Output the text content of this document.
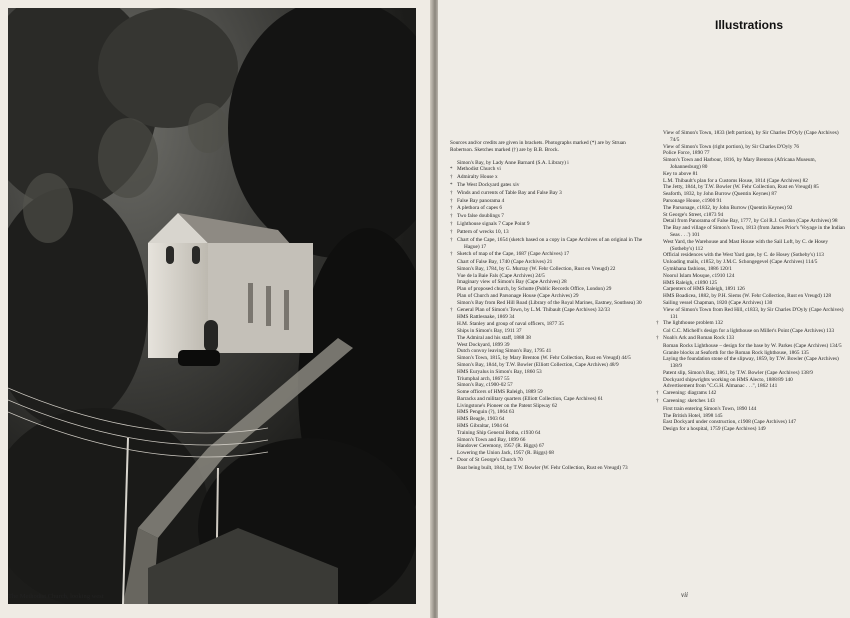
The Methodist Church, looking west
Illustrations
Sources and/or credits are given in brackets. Photographs marked (*) are by Struan Robertson. Sketches marked (†) are by B.B. Brock.
Simon's Bay, by Lady Anne Barnard (S.A. Library) i
* Methodist Church vi
† Admiralty House x
* The West Dockyard gates xiv
† Winds and currents of Table Bay and False Bay 3
† False Bay panorama 4
† A plethora of capes 6
† Two false doublings 7
† Lighthouse signals 7 Cape Point 9
† Pattern of wrecks 10, 13
† Chart of the Cape, 1654 (sketch based on a copy in Cape Archives of an original in The Hague) 17
† Sketch of map of the Cape, 1687 (Cape Archives) 17
Chart of False Bay, 1740 (Cape Archives) 21
Simon's Bay, 1784, by G. Murray (W. Fehr Collection, Rust en Vreugd) 22
Vue de la Baie Fals (Cape Archives) 24/5
Imaginary view of Simon's Bay (Cape Archives) 28
Plan of proposed church, by Schutte (Public Records Office, London) 29
Plan of Church and Parsonage House (Cape Archives) 29
Simon's Bay from Red Hill Road (Library of the Royal Marines, Eastney, Southsea) 30
† General Plan of Simon's Town, by L.M. Thibault (Cape Archives) 32/33
HMS Rattlesnake, 1869 34
H.M. Stanley and group of naval officers, 1877 35
Ships in Simon's Bay, 1911 37
The Admiral and his staff, 1888 38
West Dockyard, 1899 39
Dutch convoy leaving Simon's Bay, 1795 41
Simon's Town, 1815, by Mary Brenton (W. Fehr Collection, Rust en Vreugd) 44/5
Simon's Bay, 1844, by T.W. Bowler (Elliott Collection, Cape Archives) 48/9
HMS Euryalus in Simon's Bay, 1860 53
Triumphal arch, 1867 55
Simon's Bay, c1900-02 57
Some officers of HMS Raleigh, 1889 59
Barracks and military quarters (Elliott Collection, Cape Archives) 61
Livingstone's Pioneer on the Patent Slipway 62
HMS Penguin (?), 1864 63
HMS Beagle, 1903 64
HMS Gibraltar, 1904 64
Training Ship General Botha, c1930 64
Simon's Town and Bay, 1899 66
Handover Ceremony, 1957 (R. Biggs) 67
Lowering the Union Jack, 1957 (R. Biggs) 68
* Door of St George's Church 70
Boat being built, 1844, by T.W. Bowler (W. Fehr Collection, Rust en Vreugd) 73
View of Simon's Town, 1833 (left portion), by Sir Charles D'Oyly (Cape Archives) 74/5
View of Simon's Town (right portion), by Sir Charles D'Oyly 76
Police Force, 1890 77
Simon's Town and Harbour, 1816, by Mary Brenton (Africana Museum, Johannesburg) 80
Key to above 81
L.M. Thibault's plan for a Customs House, 1814 (Cape Archives) 82
The Jetty, 1844, by T.W. Bowler (W. Fehr Collection, Rust en Vreugd) 85
Seaforth, 1832, by John Burrow (Quentin Keynes) 87
Parsonage House, c1900 91
The Parsonage, c1832, by John Burrow (Quentin Keynes) 92
St George's Street, c1873 94
Detail from Panorama of False Bay, 1777, by Col R.J. Gordon (Cape Archives) 98
The Bay and village of Simon's Town, 1813 (from James Prior's 'Voyage in the Indian Seas . . .') 101
West Yard, the Warehouse and Mast House with the Sail Loft, by C. de Hosey (Sotheby's) 112
Official residences with the West Yard gate, by C. de Hosey (Sotheby's) 113
Unloading mails, c1852, by J.M.C. Schongegevel (Cape Archives) 114/5
Gymkhana fashions, 1886 120/1
Noorul Islam Mosque, c1910 124
HMS Raleigh, c1890 125
Carpenters of HMS Raleigh, 1891 126
HMS Boadicea, 1882, by P.H. Siems (W. Fehr Collection, Rust en Vreugd) 128
Sailing vessel Chapman, 1820 (Cape Archives) 130
View of Simon's Town from Red Hill, c1833, by Sir Charles D'Oyly (Cape Archives) 131
† The lighthouse problem 132
Col C.C. Michell's design for a lighthouse on Miller's Point (Cape Archives) 133
† Noah's Ark and Roman Rock 133
Roman Rocks Lighthouse – design for the base by W. Parkes (Cape Archives) 134/5
Granite blocks at Seaforth for the Roman Rock lighthouse, 1865 135
Laying the foundation stone of the slipway, 1859, by T.W. Bowler (Cape Archives) 138/9
Patent slip, Simon's Bay, 1861, by T.W. Bowler (Cape Archives) 138/9
Dockyard shipwrights working on HMS Alecto, 1888/89 140
Advertisement from "C.G.H. Almanac . . .", 1862 141
† Careening: diagrams 142
† Careening: sketches 143
First train entering Simon's Town, 1890 144
The British Hotel, 1898 145
East Dockyard under construction, c1908 (Cape Archives) 147
Design for a hospital, 1759 (Cape Archives) 149
vii
